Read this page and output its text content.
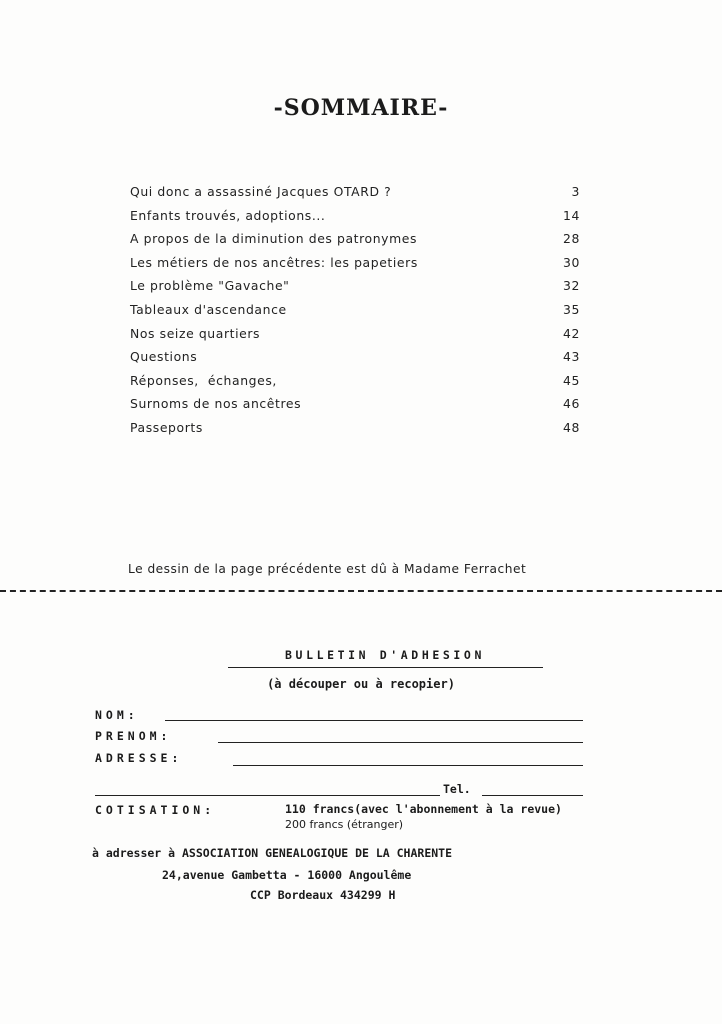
-SOMMAIRE-
Qui donc a assassiné Jacques OTARD ?	3
Enfants trouvés, adoptions...	14
A propos de la diminution des patronymes	28
Les métiers de nos ancêtres: les papetiers	30
Le problème "Gavache"	32
Tableaux d'ascendance	35
Nos seize quartiers	42
Questions	43
Réponses,  échanges,	45
Surnoms de nos ancêtres	46
Passeports	48
Le dessin de la page précédente est dû à Madame Ferrachet
BULLETIN D'ADHESION
(à découper ou à recopier)
NOM:
PRENOM:
ADRESSE:
Tel.
COTISATION:	110 francs(avec l'abonnement à la revue)
200 francs (étranger)
à adresser à ASSOCIATION GENEALOGIQUE DE LA CHARENTE
24,avenue Gambetta - 16000 Angoulême
CCP Bordeaux 434299 H
